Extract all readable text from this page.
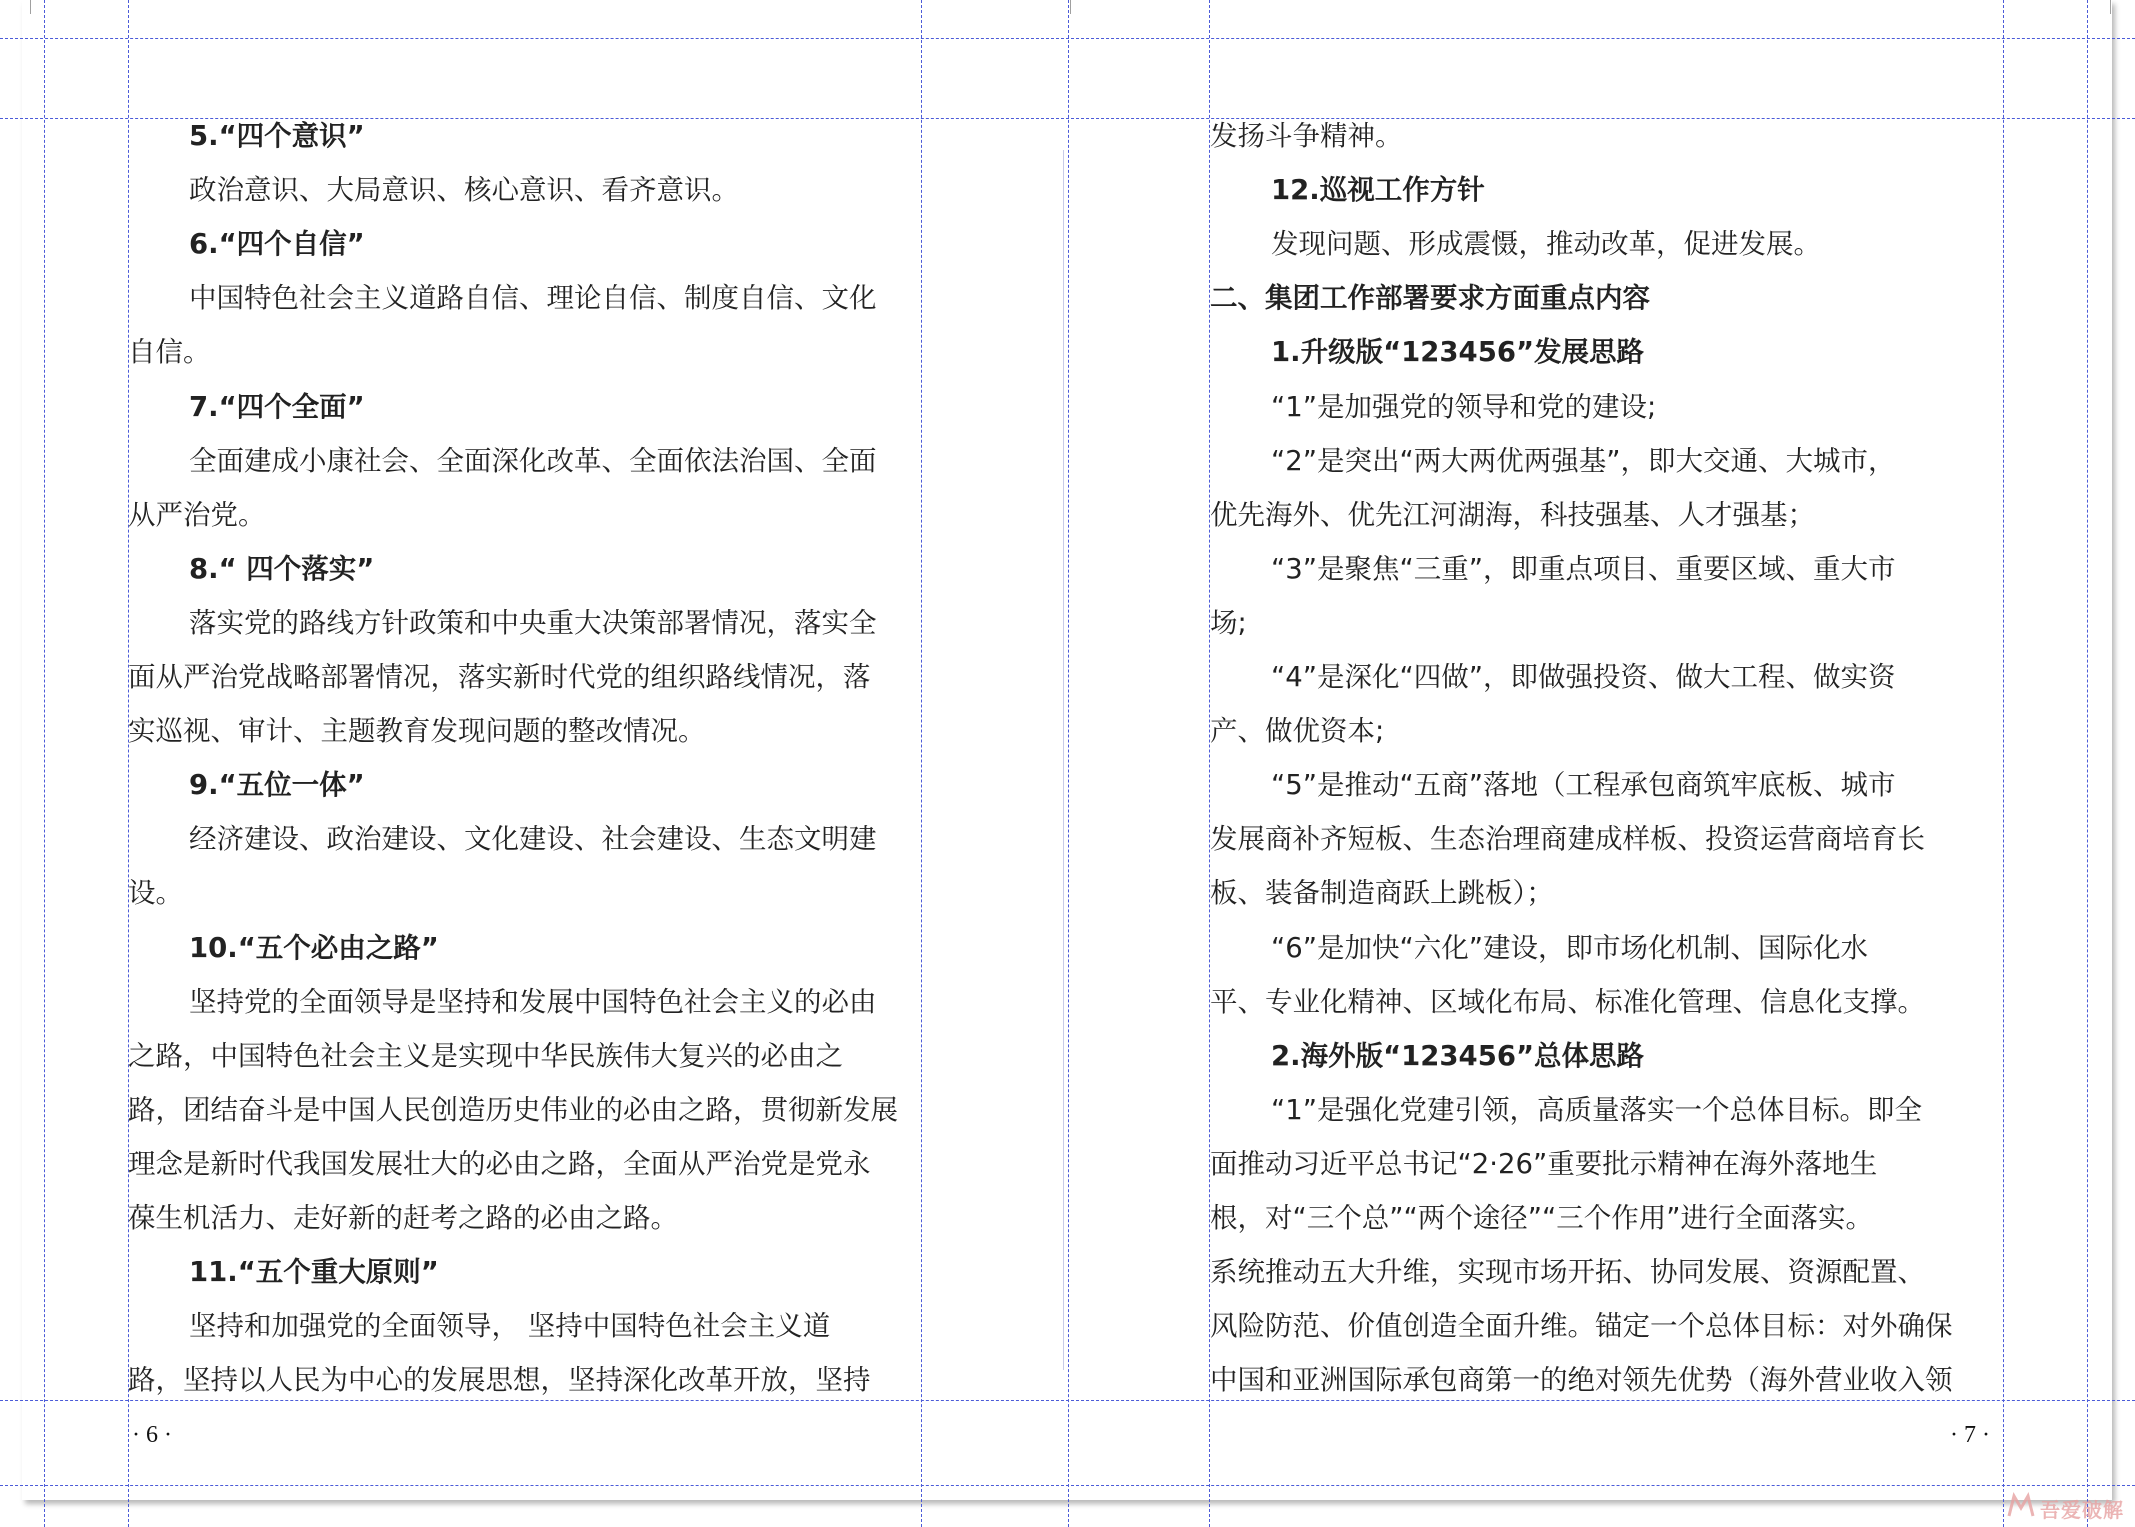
5.“四个意识”
政治意识、大局意识、核心意识、看齐意识。
6.“四个自信”
中国特色社会主义道路自信、理论自信、制度自信、文化
自信。
7.“四个全面”
全面建成小康社会、全面深化改革、全面依法治国、全面
从严治党。
8.“ 四个落实”
落实党的路线方针政策和中央重大决策部署情况，落实全
面从严治党战略部署情况，落实新时代党的组织路线情况，落
实巡视、审计、主题教育发现问题的整改情况。
9.“五位一体”
经济建设、政治建设、文化建设、社会建设、生态文明建
设。
10.“五个必由之路”
坚持党的全面领导是坚持和发展中国特色社会主义的必由
之路，中国特色社会主义是实现中华民族伟大复兴的必由之
路，团结奋斗是中国人民创造历史伟业的必由之路，贯彻新发展
理念是新时代我国发展壮大的必由之路，全面从严治党是党永
葆生机活力、走好新的赶考之路的必由之路。
11.“五个重大原则”
坚持和加强党的全面领导， 坚持中国特色社会主义道
路，坚持以人民为中心的发展思想，坚持深化改革开放，坚持
发扬斗争精神。
12.巡视工作方针
发现问题、形成震慑，推动改革，促进发展。
二、集团工作部署要求方面重点内容
1.升级版“123456”发展思路
“1”是加强党的领导和党的建设;
“2”是突出“两大两优两强基”，即大交通、大城市，
优先海外、优先江河湖海，科技强基、人才强基；
“3”是聚焦“三重”，即重点项目、重要区域、重大市
场;
“4”是深化“四做”，即做强投资、做大工程、做实资
产、做优资本;
“5”是推动“五商”落地（工程承包商筑牢底板、城市
发展商补齐短板、生态治理商建成样板、投资运营商培育长
板、装备制造商跃上跳板）；
“6”是加快“六化”建设，即市场化机制、国际化水
平、专业化精神、区域化布局、标准化管理、信息化支撑。
2.海外版“123456”总体思路
“1”是强化党建引领，高质量落实一个总体目标。即全
面推动习近平总书记“2·26”重要批示精神在海外落地生
根，对“三个总”“两个途径”“三个作用”进行全面落实。
系统推动五大升维，实现市场开拓、协同发展、资源配置、
风险防范、价值创造全面升维。锚定一个总体目标：对外确保
中国和亚洲国际承包商第一的绝对领先优势（海外营业收入领
· 6 ·	· 7 ·
吾爱破解
